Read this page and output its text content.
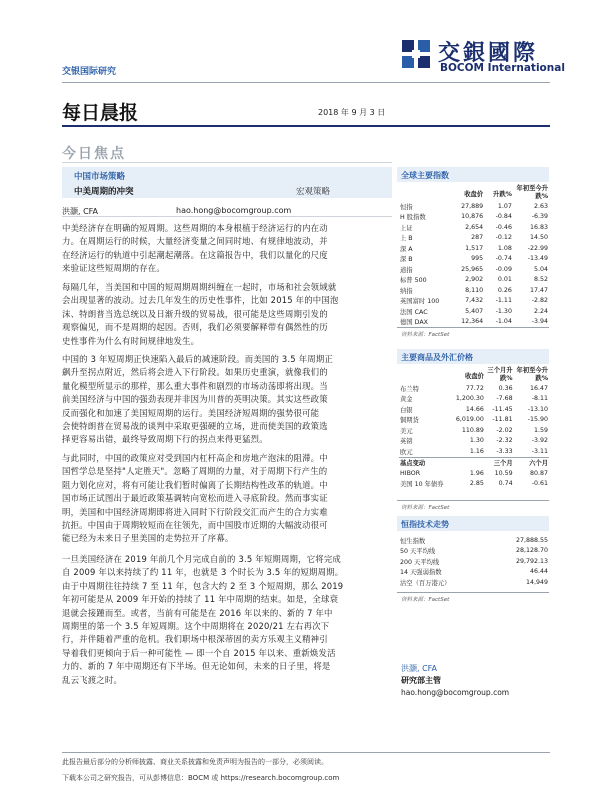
交银国际研究
交銀國際
BOCOM International
每日晨报	2018 年 9 月 3 日
今日焦点
中国市场策略
中美周期的冲突	宏观策略
洪灏, CFA	hao.hong@bocomgroup.com
中美经济存在明确的短周期。这些周期的本身根植于经济运行的内在动
力。在周期运行的时候，大量经济变量之间同时地、有规律地波动，并
在经济运行的轨道中引起潮起潮落。在这篇报告中，我们以量化的尺度
来验证这些短周期的存在。
每隔几年，当美国和中国的短周期周期纠缠在一起时，市场和社会领域就
会出现显著的波动。过去几年发生的历史性事件，比如 2015 年的中国泡
沫、特朗普当选总统以及日渐升级的贸易战，很可能是这些周期引发的
观察偏见，而不是周期的起因。否则，我们必须要解释带有偶然性的历
史性事件为什么有时间规律地发生。
中国的 3 年短周期正快速陷入最后的减速阶段。而美国的 3.5 年周期正
飙升至拐点附近，然后将会进入下行阶段。如果历史重演，就像我们的
量化模型所显示的那样，那么重大事件和剧烈的市场动荡即将出现。当
前美国经济与中国的强劲表现并非因为川普的英明决策。其实这些政策
反而强化和加速了美国短周期的运行。美国经济短周期的强势很可能
会使特朗普在贸易战的谈判中采取更强硬的立场，进而使美国的政策选
择更容易出错，最终导致周期下行的拐点来得更猛烈。
与此同时，中国的政策应对受到国内杠杆高企和房地产泡沫的阻滞。中
国哲学总是坚持"人定胜天"。忽略了周期的力量，对于周期下行产生的
阻力划化应对，将有可能让我们暂时偏离了长期结构性改革的轨道。中
国市场正试图出于最近政策基调转向宽松而进入寻底阶段。然而事实证
明，美国和中国经济周期即将进入同时下行阶段交汇而产生的合力实难
抗拒。中国由于周期较短而在往领先，而中国股市近期的大幅波动很可
能已经为未来日子里美国的走势拉开了序幕。
一旦美国经济在 2019 年前几个月完成自前的 3.5 年短期周期，它将完成
自 2009 年以来持续了约 11 年，也就是 3 个时长为 3.5 年的短期周期。
由于中周期往往持续 7 至 11 年，包含大约 2 至 3 个短周期，那么 2019
年初可能是从 2009 年开始的持续了 11 年中周期的结束。如是，全球衰
退就会接踵而至。或者，当前有可能是在 2016 年以来的、新的 7 年中
周期里的第一个 3.5 年短周期。这个中周期将在 2020/21 左右再次下
行，并伴随着严重的危机。我们职场中根深蒂固的卖方乐观主义精神引
导着我们更倾向于后一种可能性 — 即一个自 2015 年以来、重新焕发活
力的、新的 7 年中周期还有下半场。但无论如何，未来的日子里，将是
乱云飞渡之时。
全球主要指数
	收盘价	升跌%	年初至今升跌%
恒指	27,889	1.07	2.63
H 股指数	10,876	-0.84	-6.39
上证	2,654	-0.46	16.83
上 B	287	-0.12	14.50
深 A	1,517	1.08	-22.99
深 B	995	-0.74	-13.49
道指	25,965	-0.09	5.04
标普 500	2,902	0.01	8.52
纳指	8,110	0.26	17.47
英国富时 100	7,432	-1.11	-2.82
法国 CAC	5,407	-1.30	2.24
德国 DAX	12,364	-1.04	-3.94
资料来源：FactSet
主要商品及外汇价格
	收盘价	三个月升跌%	年初至今升跌%
布兰特	77.72	0.36	16.47
黄金	1,200.30	-7.68	-8.11
白银	14.66	-11.45	-13.10
铜期货	6,019.00	-11.81	-15.90
美元	110.89	-2.02	1.59
英镑	1.30	-2.32	-3.92
欧元	1.16	-3.33	-3.11
基点变动		三个月	六个月
HIBOR	1.96	10.59	80.87
美国 10 年债券	2.85	0.74	-0.61
资料来源：FactSet
恒指技术走势
恒生指数	27,888.55
50 天平均线	28,128.70
200 天平均线	29,792.13
14 天强弱指数	46.44
沽空（百万港元）	14,949
资料来源：FactSet
洪灏, CFA
研究部主管
hao.hong@bocomgroup.com
此报告最后部分的分析师披露、商业关系披露和免责声明为报告的一部分，必须阅读。
下载本公司之研究报告，可从彭博信息：BOCM 或 https://research.bocomgroup.com
